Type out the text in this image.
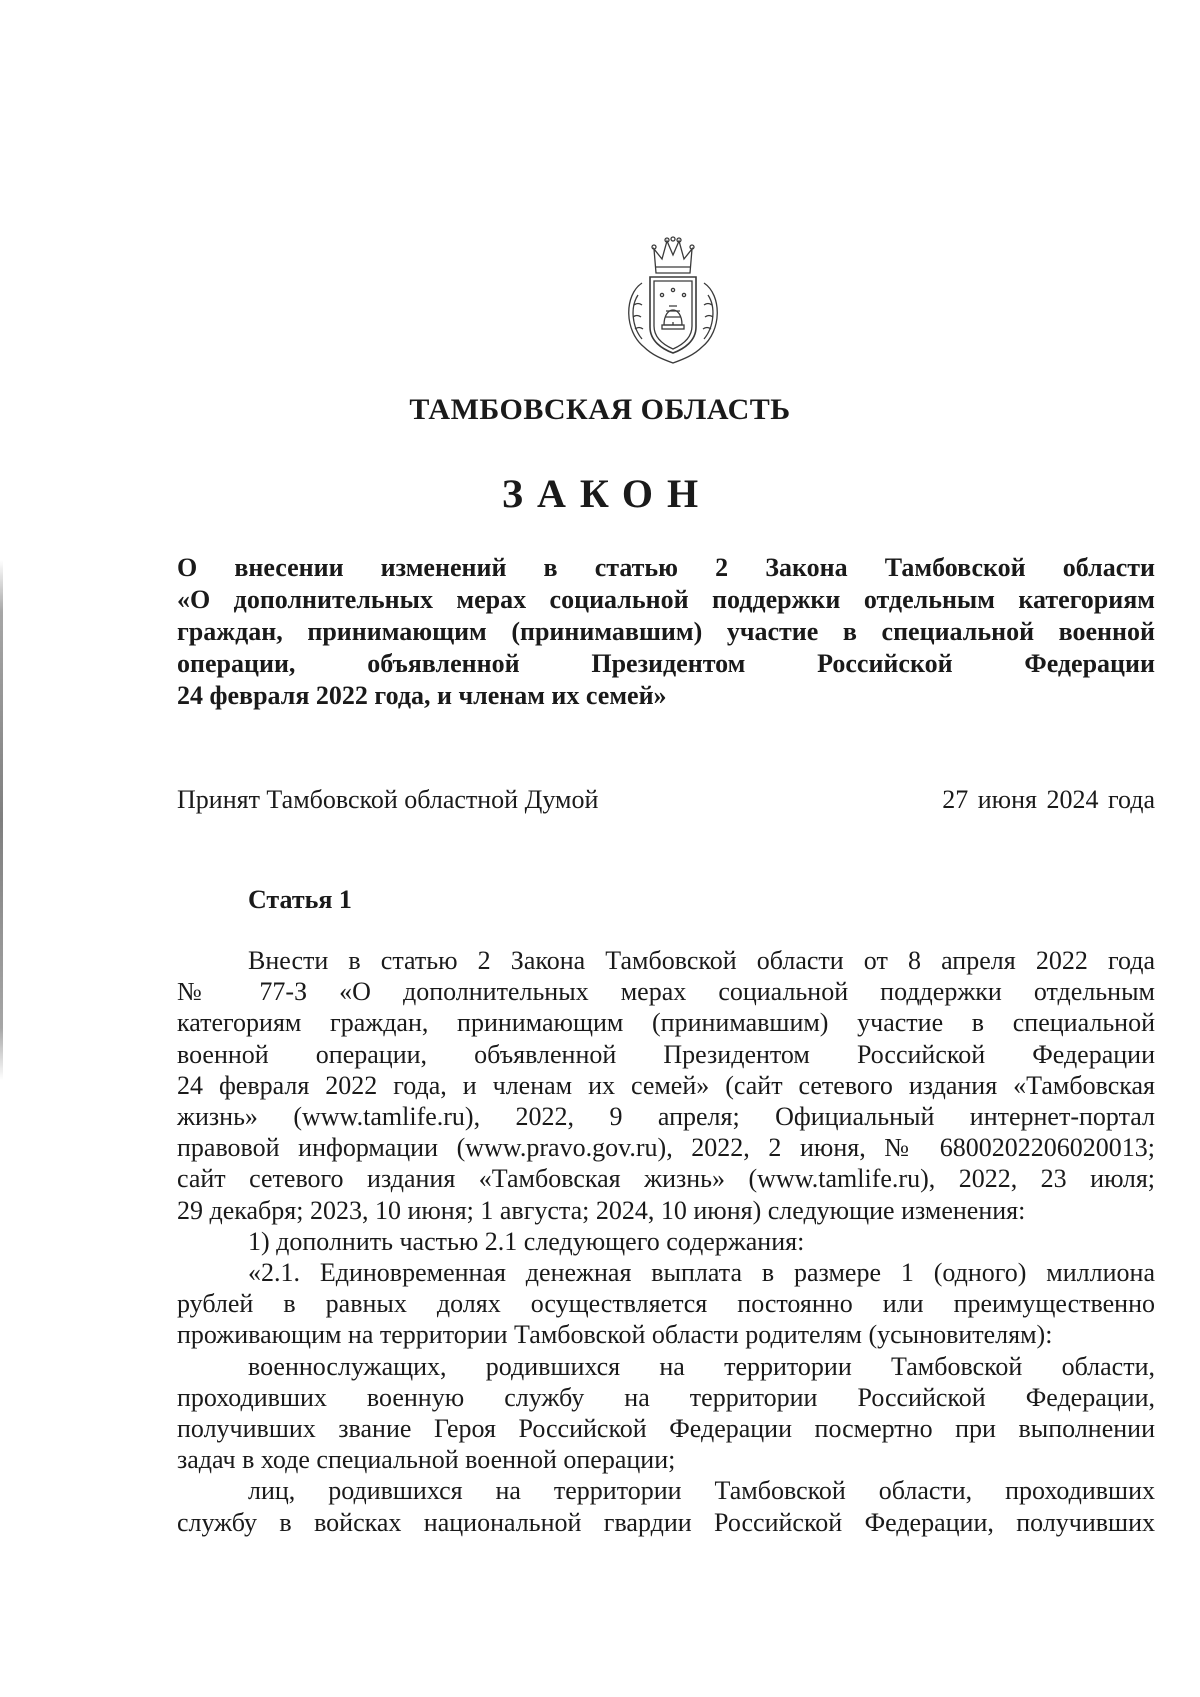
ТАМБОВСКАЯ ОБЛАСТЬ
ЗАКОН
О внесении изменений в статью 2 Закона Тамбовской области
«О дополнительных мерах социальной поддержки отдельным категориям
граждан, принимающим (принимавшим) участие в специальной военной
операции, объявленной Президентом Российской Федерации
24 февраля 2022 года, и членам их семей»
Принят Тамбовской областной Думой	27 июня 2024 года
Статья 1
Внести в статью 2 Закона Тамбовской области от 8 апреля 2022 года
№ 77-З «О дополнительных мерах социальной поддержки отдельным
категориям граждан, принимающим (принимавшим) участие в специальной
военной операции, объявленной Президентом Российской Федерации
24 февраля 2022 года, и членам их семей» (сайт сетевого издания «Тамбовская
жизнь» (www.tamlife.ru), 2022, 9 апреля; Официальный интернет-портал
правовой информации (www.pravo.gov.ru), 2022, 2 июня, № 6800202206020013;
сайт сетевого издания «Тамбовская жизнь» (www.tamlife.ru), 2022, 23 июля;
29 декабря; 2023, 10 июня; 1 августа; 2024, 10 июня) следующие изменения:
1) дополнить частью 2.1 следующего содержания:
«2.1. Единовременная денежная выплата в размере 1 (одного) миллиона
рублей в равных долях осуществляется постоянно или преимущественно
проживающим на территории Тамбовской области родителям (усыновителям):
военнослужащих, родившихся на территории Тамбовской области,
проходивших военную службу на территории Российской Федерации,
получивших звание Героя Российской Федерации посмертно при выполнении
задач в ходе специальной военной операции;
лиц, родившихся на территории Тамбовской области, проходивших
службу в войсках национальной гвардии Российской Федерации, получивших
